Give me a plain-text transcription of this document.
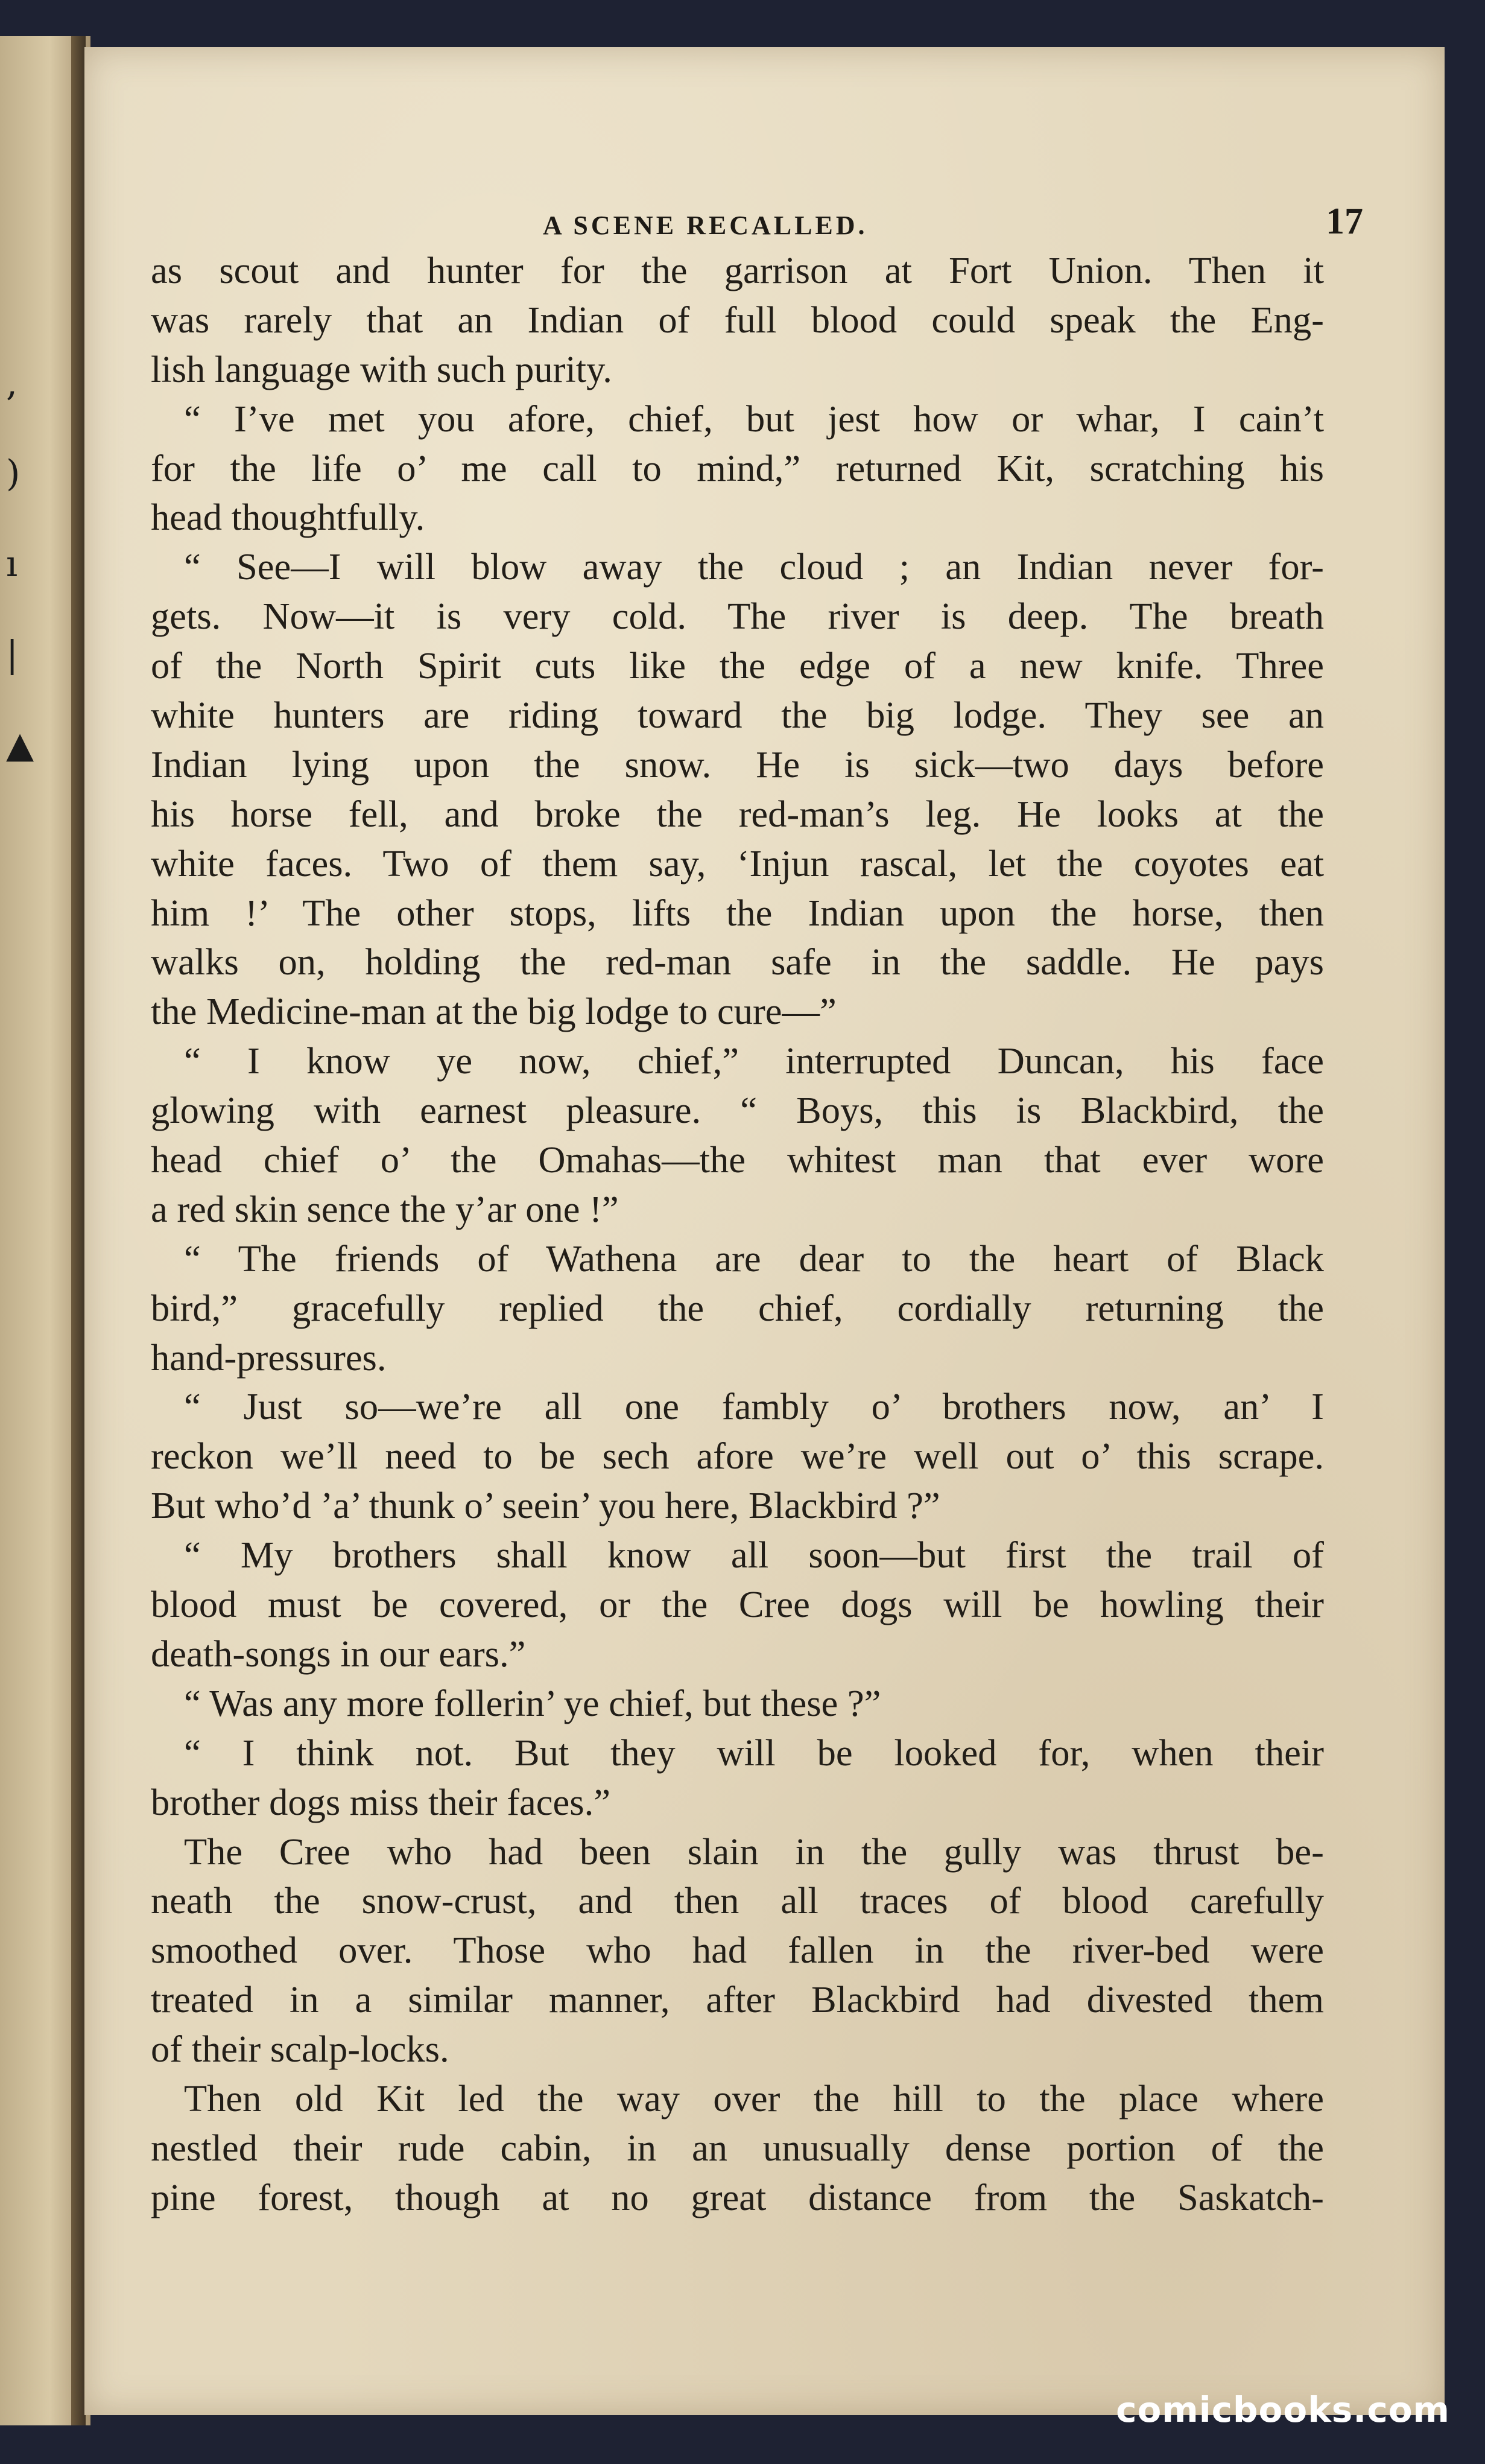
,
)
ı
|
▲
A SCENE RECALLED.	17
as scout and hunter for the garrison at Fort Union. Then it
was rarely that an Indian of full blood could speak the Eng-
lish language with such purity.
“ I’ve met you afore, chief, but jest how or whar, I cain’t
for the life o’ me call to mind,” returned Kit, scratching his
head thoughtfully.
“ See—I will blow away the cloud ; an Indian never for-
gets. Now—it is very cold. The river is deep. The breath
of the North Spirit cuts like the edge of a new knife. Three
white hunters are riding toward the big lodge. They see an
Indian lying upon the snow. He is sick—two days before
his horse fell, and broke the red-man’s leg. He looks at the
white faces. Two of them say, ‘Injun rascal, let the coyotes eat
him !’ The other stops, lifts the Indian upon the horse, then
walks on, holding the red-man safe in the saddle. He pays
the Medicine-man at the big lodge to cure—”
“ I know ye now, chief,” interrupted Duncan, his face
glowing with earnest pleasure. “ Boys, this is Blackbird, the
head chief o’ the Omahas—the whitest man that ever wore
a red skin sence the y’ar one !”
“ The friends of Wathena are dear to the heart of Black
bird,” gracefully replied the chief, cordially returning the
hand-pressures.
“ Just so—we’re all one fambly o’ brothers now, an’ I
reckon we’ll need to be sech afore we’re well out o’ this scrape.
But who’d ’a’ thunk o’ seein’ you here, Blackbird ?”
“ My brothers shall know all soon—but first the trail of
blood must be covered, or the Cree dogs will be howling their
death-songs in our ears.”
“ Was any more follerin’ ye chief, but these ?”
“ I think not. But they will be looked for, when their
brother dogs miss their faces.”
The Cree who had been slain in the gully was thrust be-
neath the snow-crust, and then all traces of blood carefully
smoothed over. Those who had fallen in the river-bed were
treated in a similar manner, after Blackbird had divested them
of their scalp-locks.
Then old Kit led the way over the hill to the place where
nestled their rude cabin, in an unusually dense portion of the
pine forest, though at no great distance from the Saskatch-
comicbooks.com
